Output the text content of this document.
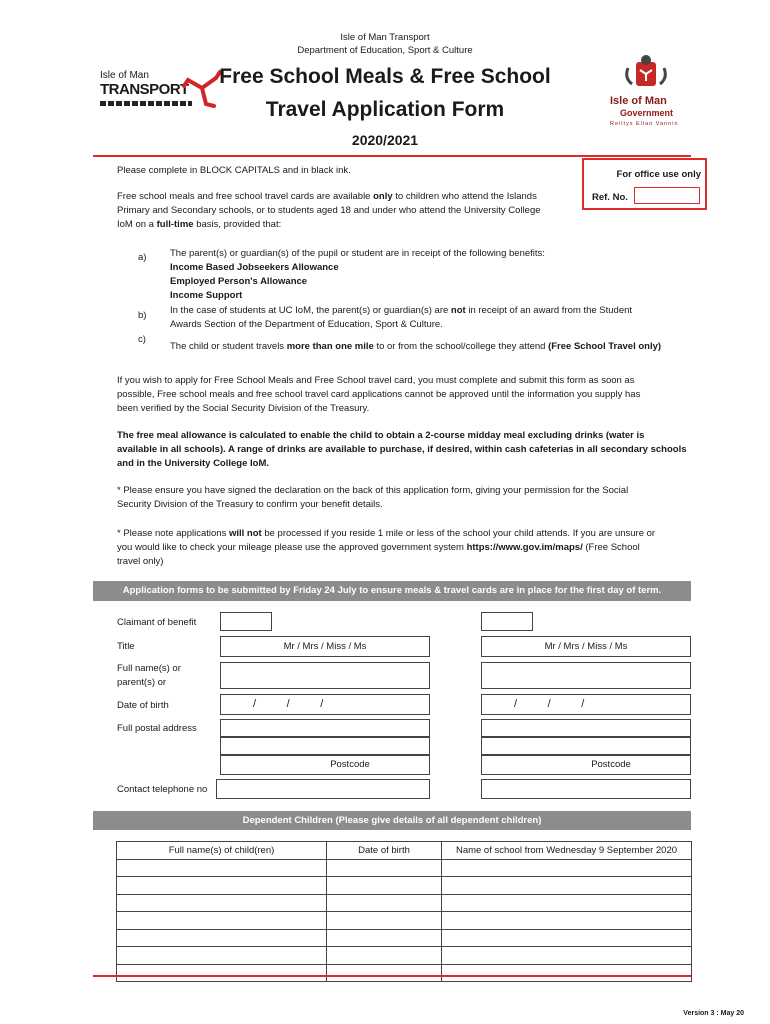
Isle of Man Transport
Department of Education, Sport & Culture
Isle of Man
TRANSPORT
Free School Meals & Free School
Travel Application Form
2020/2021
Isle of Man
Government
Reiltys Ellan Vannin
For office use only
Ref. No.
Please complete in BLOCK CAPITALS and in black ink.
Free school meals and free school travel cards are available only to children who attend the Islands
Primary and Secondary schools, or to students aged 18 and under who attend the University College
IoM on a full-time basis, provided that:
a) The parent(s) or guardian(s) of the pupil or student are in receipt of the following benefits:
Income Based Jobseekers Allowance
Employed Person's Allowance
Income Support
b) In the case of students at UC IoM, the parent(s) or guardian(s) are not in receipt of an award from the Student
Awards Section of the Department of Education, Sport & Culture.
c)
The child or student travels more than one mile to or from the school/college they attend (Free School Travel only)
If you wish to apply for Free School Meals and Free School travel card, you must complete and submit this form as soon as
possible, Free school meals and free school travel card applications cannot be approved until the information you supply has
been verified by the Social Security Division of the Treasury.
The free meal allowance is calculated to enable the child to obtain a 2-course midday meal excluding drinks (water is
available in all schools). A range of drinks are available to purchase, if desired, within cash cafeterias in all secondary schools
and in the University College IoM.
* Please ensure you have signed the declaration on the back of this application form, giving your permission for the Social
Security Division of the Treasury to confirm your benefit details.
* Please note applications will not be processed if you reside 1 mile or less of the school your child attends. If you are unsure or
you would like to check your mileage please use the approved government system https://www.gov.im/maps/ (Free School
travel only)
Application forms to be submitted by Friday 24 July to ensure meals & travel cards are in place for the first day of term.
Claimant of benefit
Title	Mr / Mrs / Miss / Ms	Mr / Mrs / Miss / Ms
Full name(s) or
parent(s) or
Date of birth	/          /          /	/          /          /
Full postal address
Postcode	Postcode
Contact telephone no
Dependent Children (Please give details of all dependent children)
Full name(s) of child(ren)	Date of birth	Name of school from Wednesday 9 September 2020

Version 3 : May 20
